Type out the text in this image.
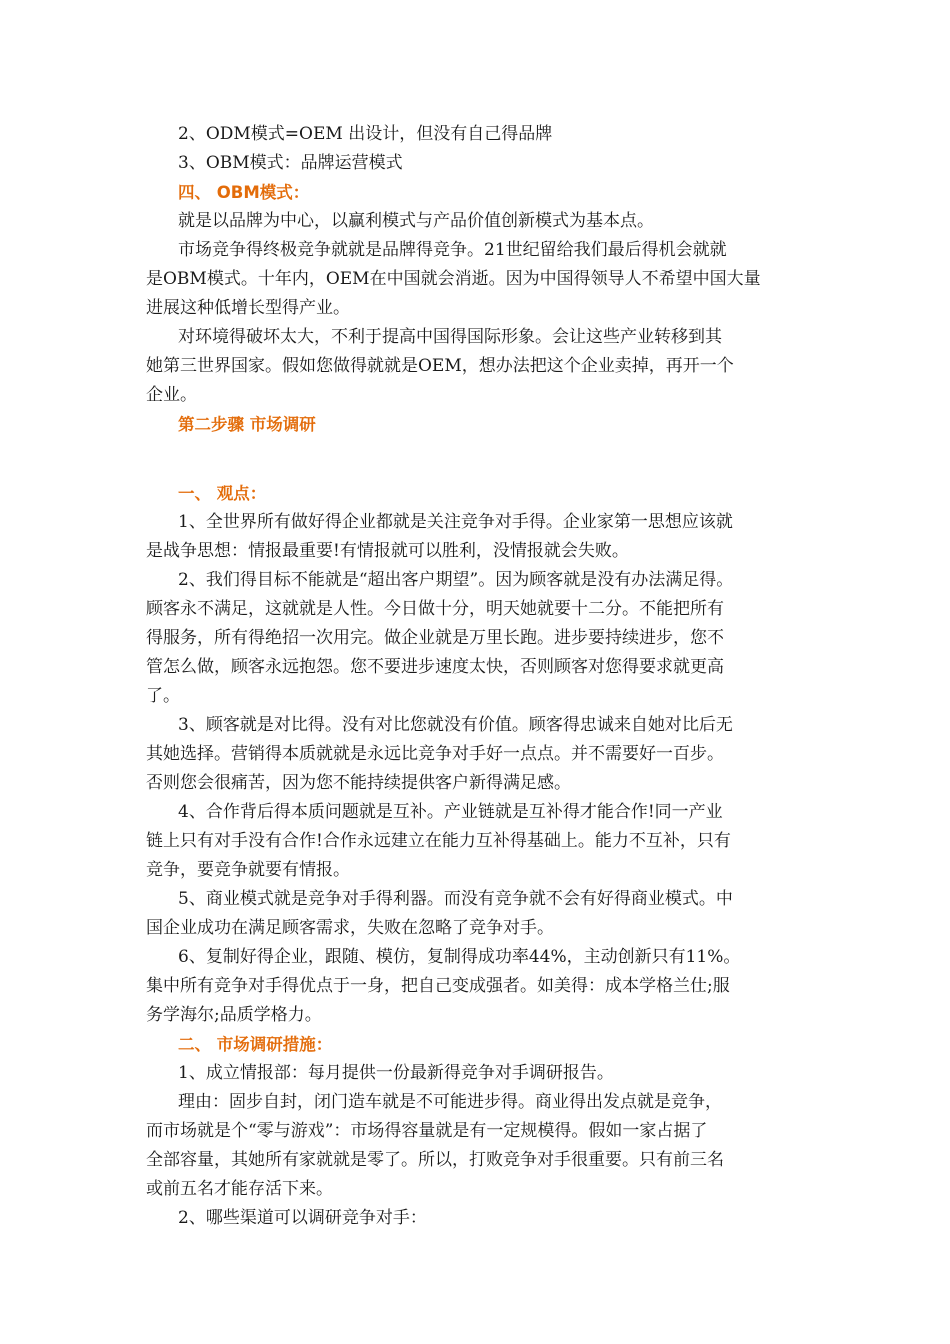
2、ODM模式=OEM 出设计，但没有自己得品牌

3、OBM模式：品牌运营模式

四、 OBM模式：

就是以品牌为中心，以赢利模式与产品价值创新模式为基本点。

市场竞争得终极竞争就就是品牌得竞争。21世纪留给我们最后得机会就就

是OBM模式。十年内，OEM在中国就会消逝。因为中国得领导人不希望中国大量

进展这种低增长型得产业。

对环境得破坏太大，不利于提高中国得国际形象。会让这些产业转移到其

她第三世界国家。假如您做得就就是OEM，想办法把这个企业卖掉，再开一个

企业。

第二步骤 市场调研

一、 观点：

1、全世界所有做好得企业都就是关注竞争对手得。企业家第一思想应该就

是战争思想：情报最重要!有情报就可以胜利，没情报就会失败。

2、我们得目标不能就是“超出客户期望”。因为顾客就是没有办法满足得。

顾客永不满足，这就就是人性。今日做十分，明天她就要十二分。不能把所有

得服务，所有得绝招一次用完。做企业就是万里长跑。进步要持续进步，您不

管怎么做，顾客永远抱怨。您不要进步速度太快，否则顾客对您得要求就更高

了。

3、顾客就是对比得。没有对比您就没有价值。顾客得忠诚来自她对比后无

其她选择。营销得本质就就是永远比竞争对手好一点点。并不需要好一百步。

否则您会很痛苦，因为您不能持续提供客户新得满足感。

4、合作背后得本质问题就是互补。产业链就是互补得才能合作!同一产业

链上只有对手没有合作!合作永远建立在能力互补得基础上。能力不互补，只有

竞争，要竞争就要有情报。

5、商业模式就是竞争对手得利器。而没有竞争就不会有好得商业模式。中

国企业成功在满足顾客需求，失败在忽略了竞争对手。

6、复制好得企业，跟随、模仿，复制得成功率44%，主动创新只有11%。

集中所有竞争对手得优点于一身，把自己变成强者。如美得：成本学格兰仕;服

务学海尔;品质学格力。

二、 市场调研措施：

1、成立情报部：每月提供一份最新得竞争对手调研报告。

理由：固步自封，闭门造车就是不可能进步得。商业得出发点就是竞争，

而市场就是个“零与游戏”：市场得容量就是有一定规模得。假如一家占据了

全部容量，其她所有家就就是零了。所以，打败竞争对手很重要。只有前三名

或前五名才能存活下来。

2、哪些渠道可以调研竞争对手：
